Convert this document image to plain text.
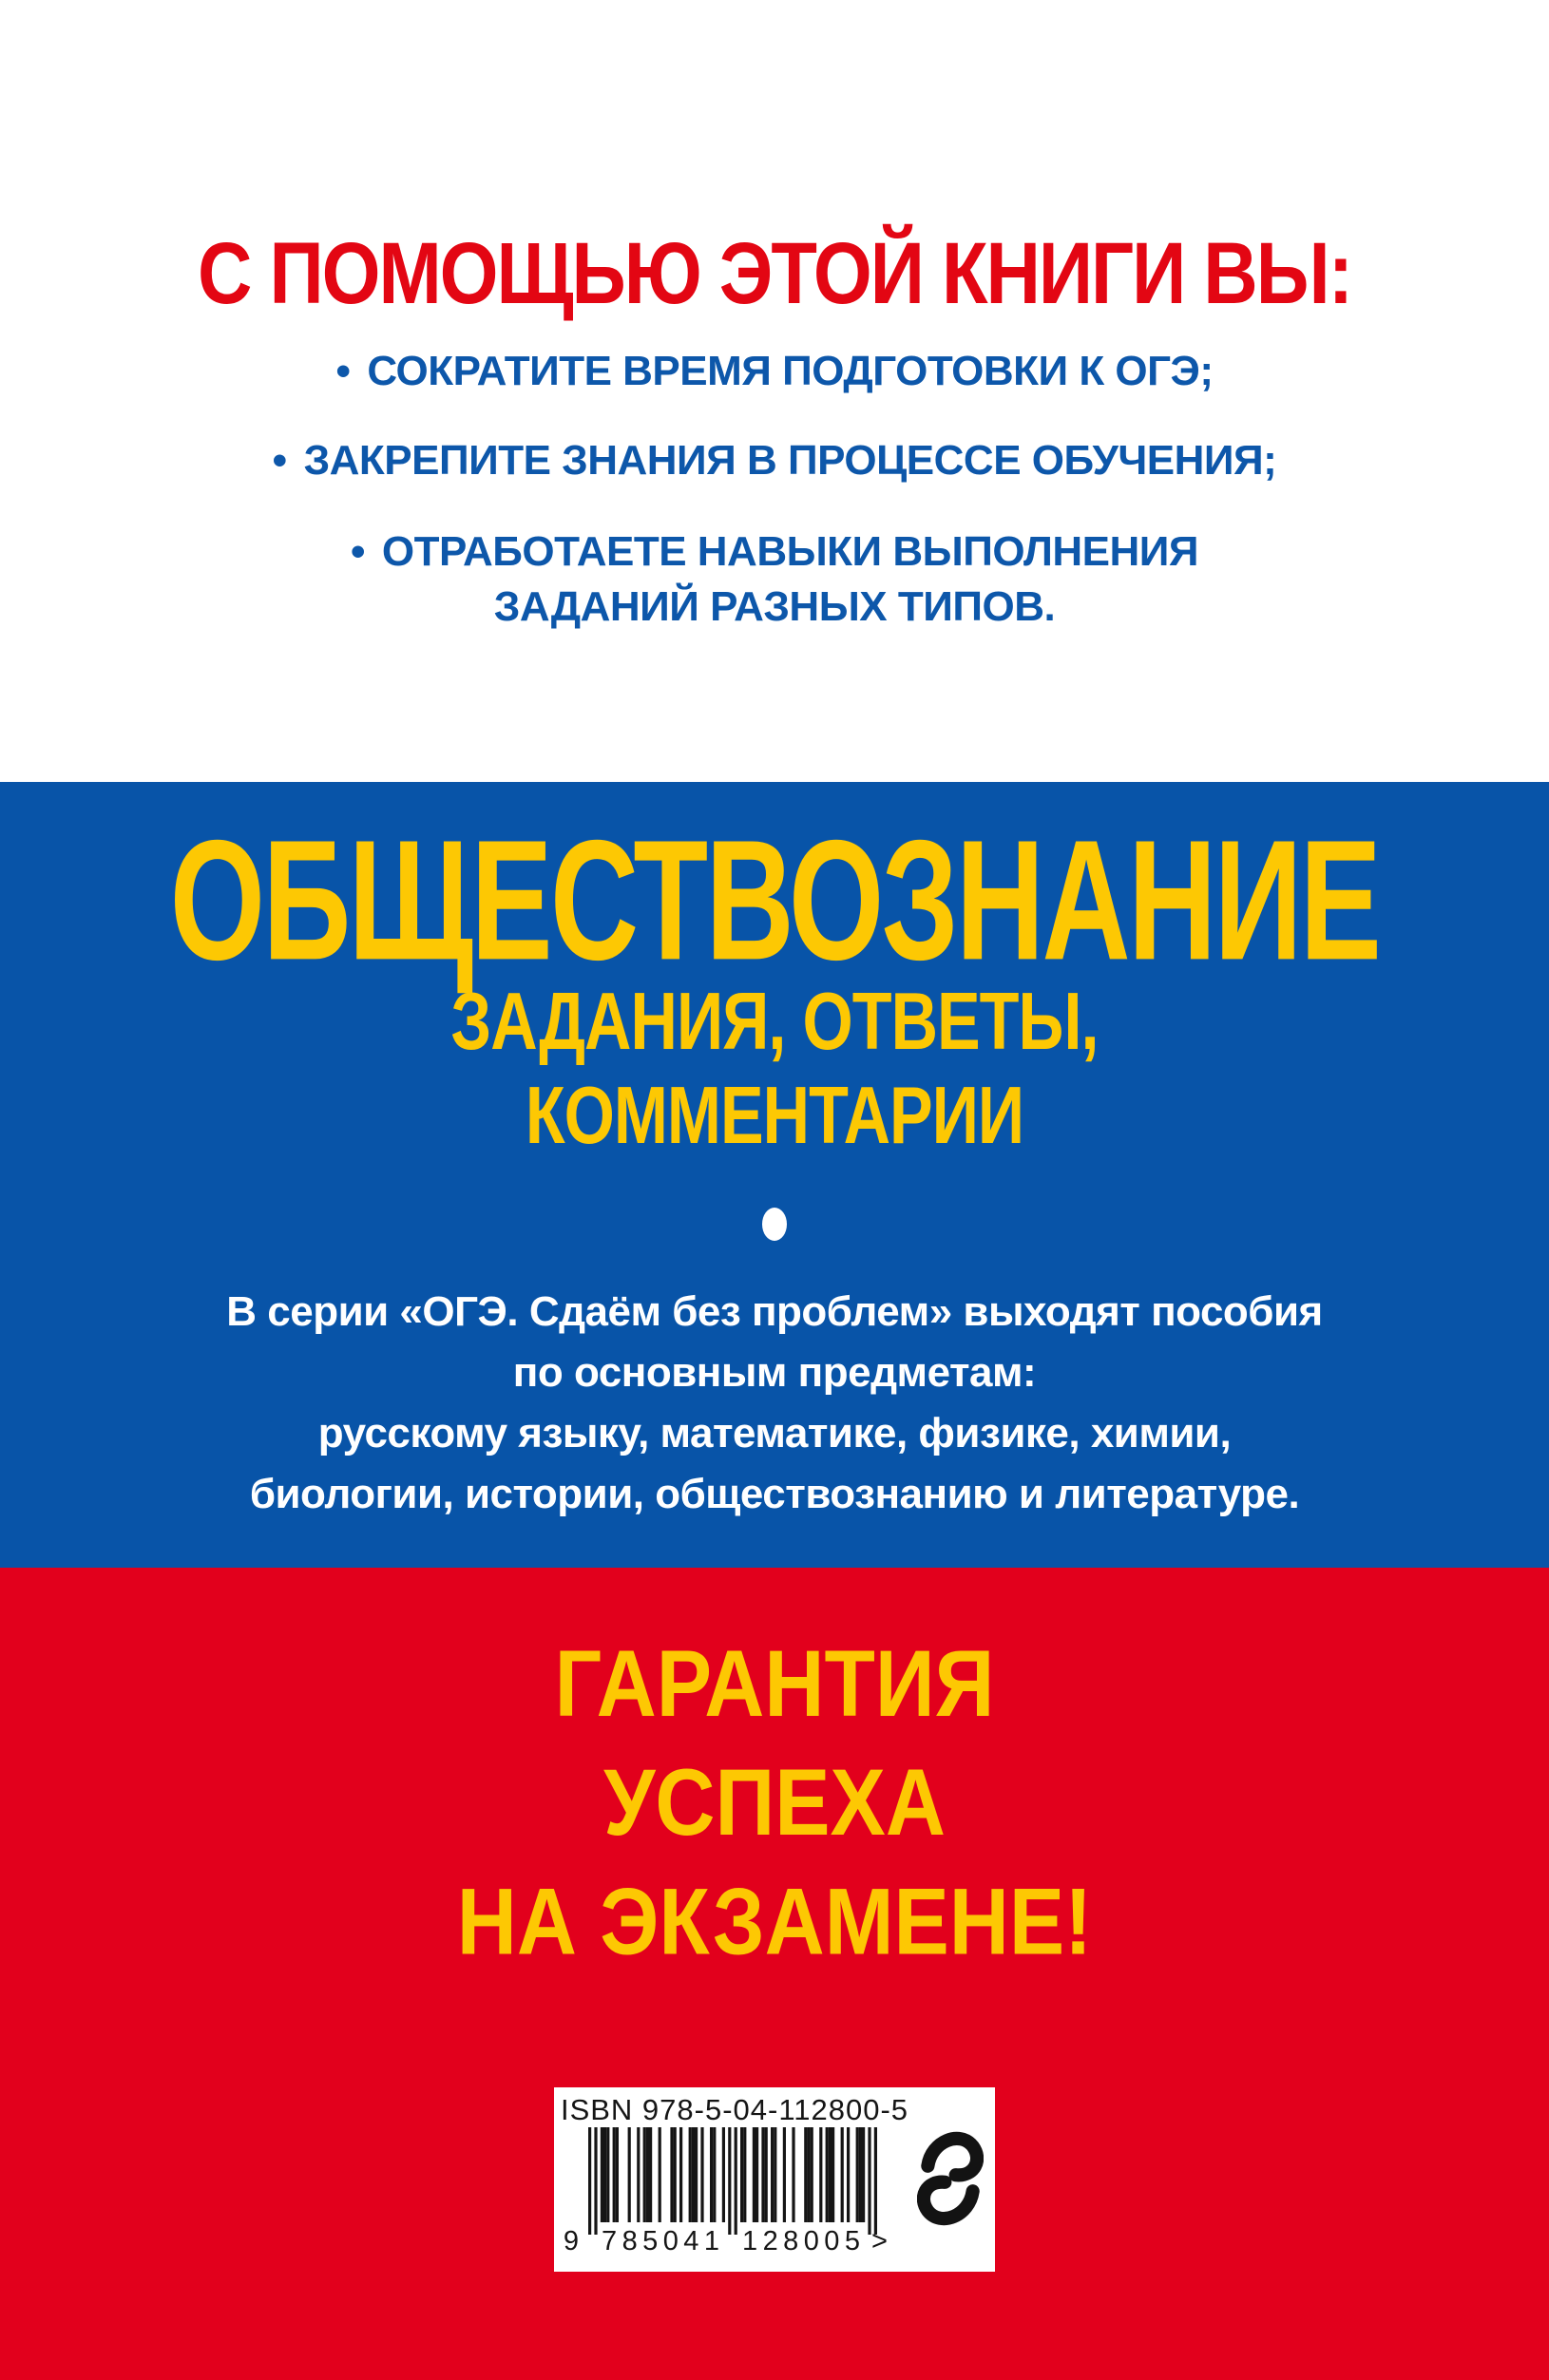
С ПОМОЩЬЮ ЭТОЙ КНИГИ ВЫ:
• СОКРАТИТЕ ВРЕМЯ ПОДГОТОВКИ К ОГЭ;
• ЗАКРЕПИТЕ ЗНАНИЯ В ПРОЦЕССЕ ОБУЧЕНИЯ;
• ОТРАБОТАЕТЕ НАВЫКИ ВЫПОЛНЕНИЯ
ЗАДАНИЙ РАЗНЫХ ТИПОВ.
ОБЩЕСТВОЗНАНИЕ
ЗАДАНИЯ, ОТВЕТЫ,
КОММЕНТАРИИ
В серии «ОГЭ. Сдаём без проблем» выходят пособия
по основным предметам:
русскому языку, математике, физике, химии,
биологии, истории, обществознанию и литературе.
ГАРАНТИЯ
УСПЕХА
НА ЭКЗАМЕНЕ!
ISBN 978-5-04-112800-5
9 7 8 5 0 4 1 1 2 8 0 0 5 >
